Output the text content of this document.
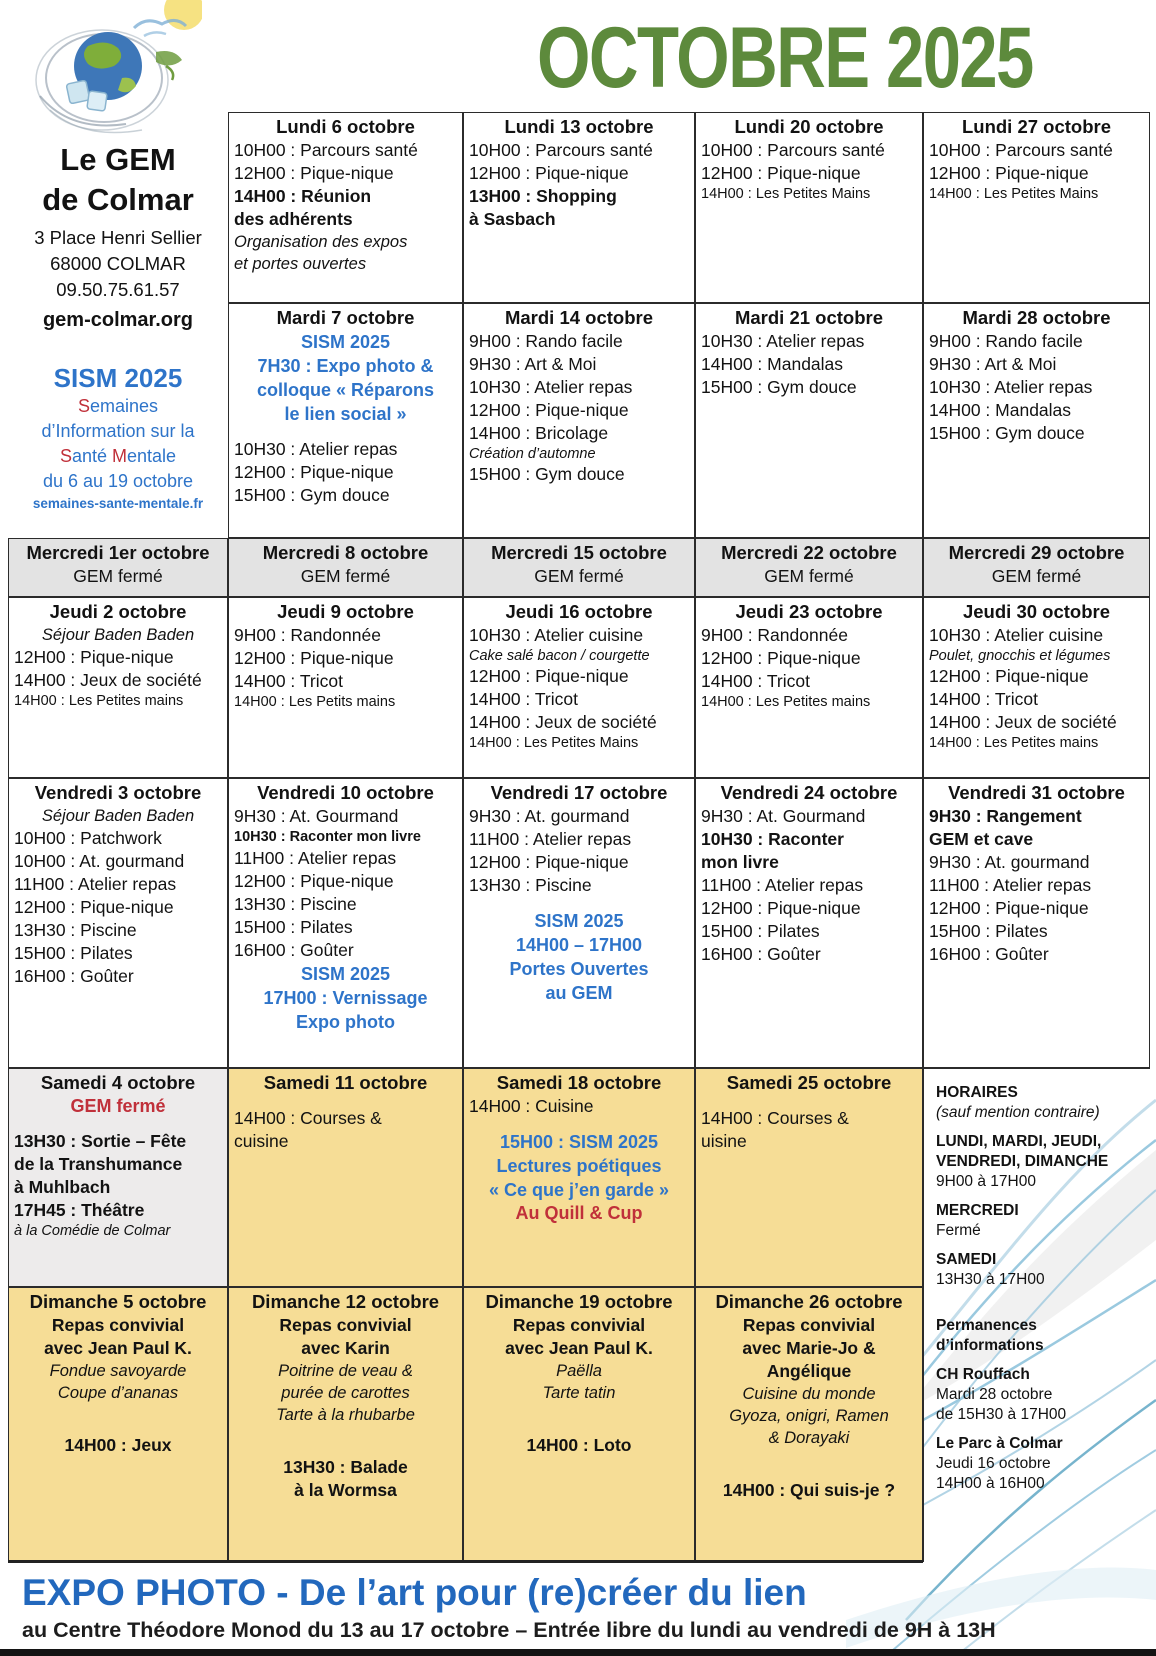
OCTOBRE 2025
Le GEM
de Colmar
3 Place Henri Sellier
68000 COLMAR
09.50.75.61.57
gem-colmar.org
SISM 2025
Semaines
d’Information sur la
Santé Mentale
du 6 au 19 octobre
semaines-sante-mentale.fr
Lundi 6 octobre
10H00 : Parcours santé
12H00 : Pique-nique
14H00 : Réunion
des adhérents
Organisation des expos
et portes ouvertes
Lundi 13 octobre
10H00 : Parcours santé
12H00 : Pique-nique
13H00 : Shopping
à Sasbach
Lundi 20 octobre
10H00 : Parcours santé
12H00 : Pique-nique
14H00 : Les Petites Mains
Lundi 27 octobre
10H00 : Parcours santé
12H00 : Pique-nique
14H00 : Les Petites Mains
Mardi 7 octobre
SISM 2025
7H30 : Expo photo &
colloque « Réparons
le lien social »
10H30 : Atelier repas
12H00 : Pique-nique
15H00 : Gym douce
Mardi 14 octobre
9H00 : Rando facile
9H30 : Art & Moi
10H30 : Atelier repas
12H00 : Pique-nique
14H00 : Bricolage
Création d’automne
15H00 : Gym douce
Mardi 21 octobre
10H30 : Atelier repas
14H00 : Mandalas
15H00 : Gym douce
Mardi 28 octobre
9H00 : Rando facile
9H30 : Art & Moi
10H30 : Atelier repas
14H00 : Mandalas
15H00 : Gym douce
Mercredi 1er octobre
GEM fermé
Mercredi 8 octobre
GEM fermé
Mercredi 15 octobre
GEM fermé
Mercredi 22 octobre
GEM fermé
Mercredi 29 octobre
GEM fermé
Jeudi 2 octobre
Séjour Baden Baden
12H00 : Pique-nique
14H00 : Jeux de société
14H00 : Les Petites mains
Jeudi 9 octobre
9H00 : Randonnée
12H00 : Pique-nique
14H00 : Tricot
14H00 : Les Petits mains
Jeudi 16 octobre
10H30 : Atelier cuisine
Cake salé bacon / courgette
12H00 : Pique-nique
14H00 : Tricot
14H00 : Jeux de société
14H00 : Les Petites Mains
Jeudi 23 octobre
9H00 : Randonnée
12H00 : Pique-nique
14H00 : Tricot
14H00 : Les Petites mains
Jeudi 30 octobre
10H30 : Atelier cuisine
Poulet, gnocchis et légumes
12H00 : Pique-nique
14H00 : Tricot
14H00 : Jeux de société
14H00 : Les Petites mains
Vendredi 3 octobre
Séjour Baden Baden
10H00 : Patchwork
10H00 : At. gourmand
11H00 : Atelier repas
12H00 : Pique-nique
13H30 : Piscine
15H00 : Pilates
16H00 : Goûter
Vendredi 10 octobre
9H30 : At. Gourmand
10H30 : Raconter mon livre
11H00 : Atelier repas
12H00 : Pique-nique
13H30 : Piscine
15H00 : Pilates
16H00 : Goûter
SISM 2025
17H00 : Vernissage
Expo photo
Vendredi 17 octobre
9H30 : At. gourmand
11H00 : Atelier repas
12H00 : Pique-nique
13H30 : Piscine
SISM 2025
14H00 – 17H00
Portes Ouvertes
au GEM
Vendredi 24 octobre
9H30 : At. Gourmand
10H30 : Raconter
mon livre
11H00 : Atelier repas
12H00 : Pique-nique
15H00 : Pilates
16H00 : Goûter
Vendredi 31 octobre
9H30 : Rangement
GEM et cave
9H30 : At. gourmand
11H00 : Atelier repas
12H00 : Pique-nique
15H00 : Pilates
16H00 : Goûter
Samedi 4 octobre
GEM fermé
13H30 : Sortie – Fête
de la Transhumance
à Muhlbach
17H45 : Théâtre
à la Comédie de Colmar
Samedi 11 octobre
14H00 : Courses &
cuisine
Samedi 18 octobre
14H00 : Cuisine
15H00 : SISM 2025
Lectures poétiques
« Ce que j’en garde »
Au Quill & Cup
Samedi 25 octobre
14H00 : Courses &
uisine
HORAIRES
(sauf mention contraire)
LUNDI, MARDI, JEUDI,
VENDREDI, DIMANCHE
9H00 à 17H00
MERCREDI
Fermé
SAMEDI
13H30 à 17H00
Permanences
d’informations
CH Rouffach
Mardi 28 octobre
de 15H30 à 17H00
Le Parc à Colmar
Jeudi 16 octobre
14H00 à 16H00
Dimanche 5 octobre
Repas convivial
avec Jean Paul K.
Fondue savoyarde
Coupe d’ananas
14H00 : Jeux
Dimanche 12 octobre
Repas convivial
avec Karin
Poitrine de veau &
purée de carottes
Tarte à la rhubarbe
13H30 : Balade
à la Wormsa
Dimanche 19 octobre
Repas convivial
avec Jean Paul K.
Paëlla
Tarte tatin
14H00 : Loto
Dimanche 26 octobre
Repas convivial
avec Marie-Jo &
Angélique
Cuisine du monde
Gyoza, onigri, Ramen
& Dorayaki
14H00 : Qui suis-je ?
EXPO PHOTO - De l’art pour (re)créer du lien
au Centre Théodore Monod du 13 au 17 octobre – Entrée libre du lundi au vendredi de 9H à 13H
